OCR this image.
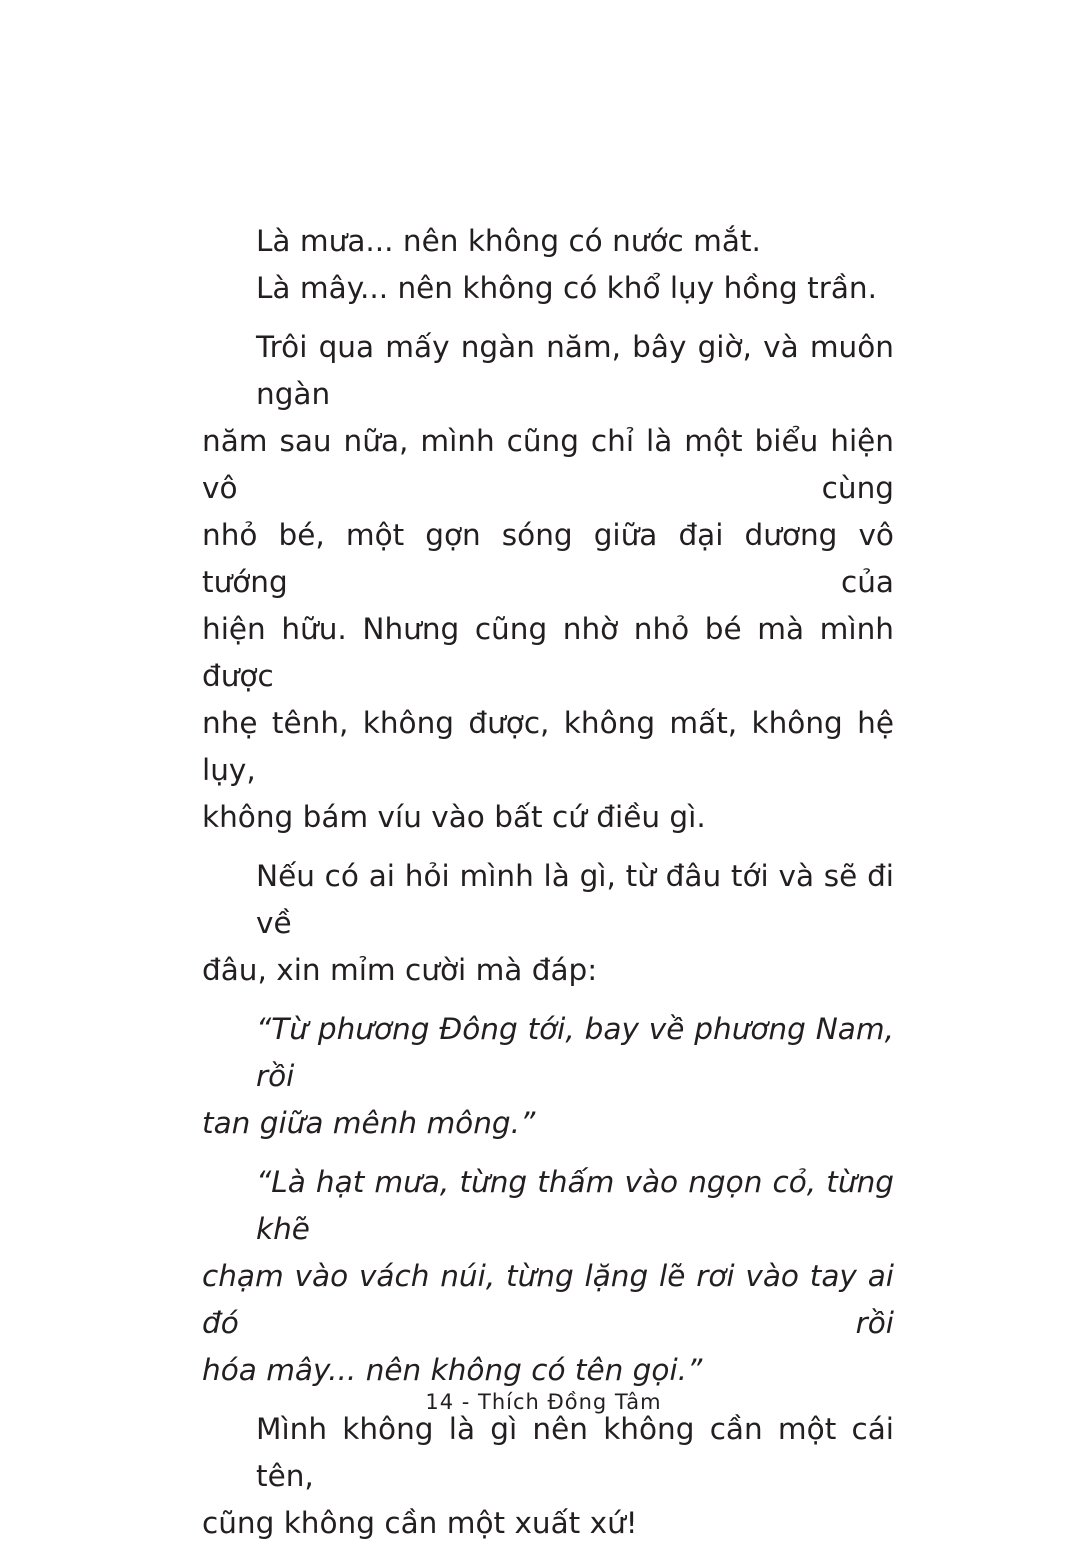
Là mưa... nên không có nước mắt.
Là mây... nên không có khổ lụy hồng trần.
Trôi qua mấy ngàn năm, bây giờ, và muôn ngàn
năm sau nữa, mình cũng chỉ là một biểu hiện vô cùng
nhỏ bé, một gợn sóng giữa đại dương vô tướng của
hiện hữu. Nhưng cũng nhờ nhỏ bé mà mình được
nhẹ tênh, không được, không mất, không hệ lụy,
không bám víu vào bất cứ điều gì.
Nếu có ai hỏi mình là gì, từ đâu tới và sẽ đi về
đâu, xin mỉm cười mà đáp:
“Từ phương Đông tới, bay về phương Nam, rồi
tan giữa mênh mông.”
“Là hạt mưa, từng thấm vào ngọn cỏ, từng khẽ
chạm vào vách núi, từng lặng lẽ rơi vào tay ai đó rồi
hóa mây... nên không có tên gọi.”
Mình không là gì nên không cần một cái tên,
cũng không cần một xuất xứ!
14 - Thích Đồng Tâm
